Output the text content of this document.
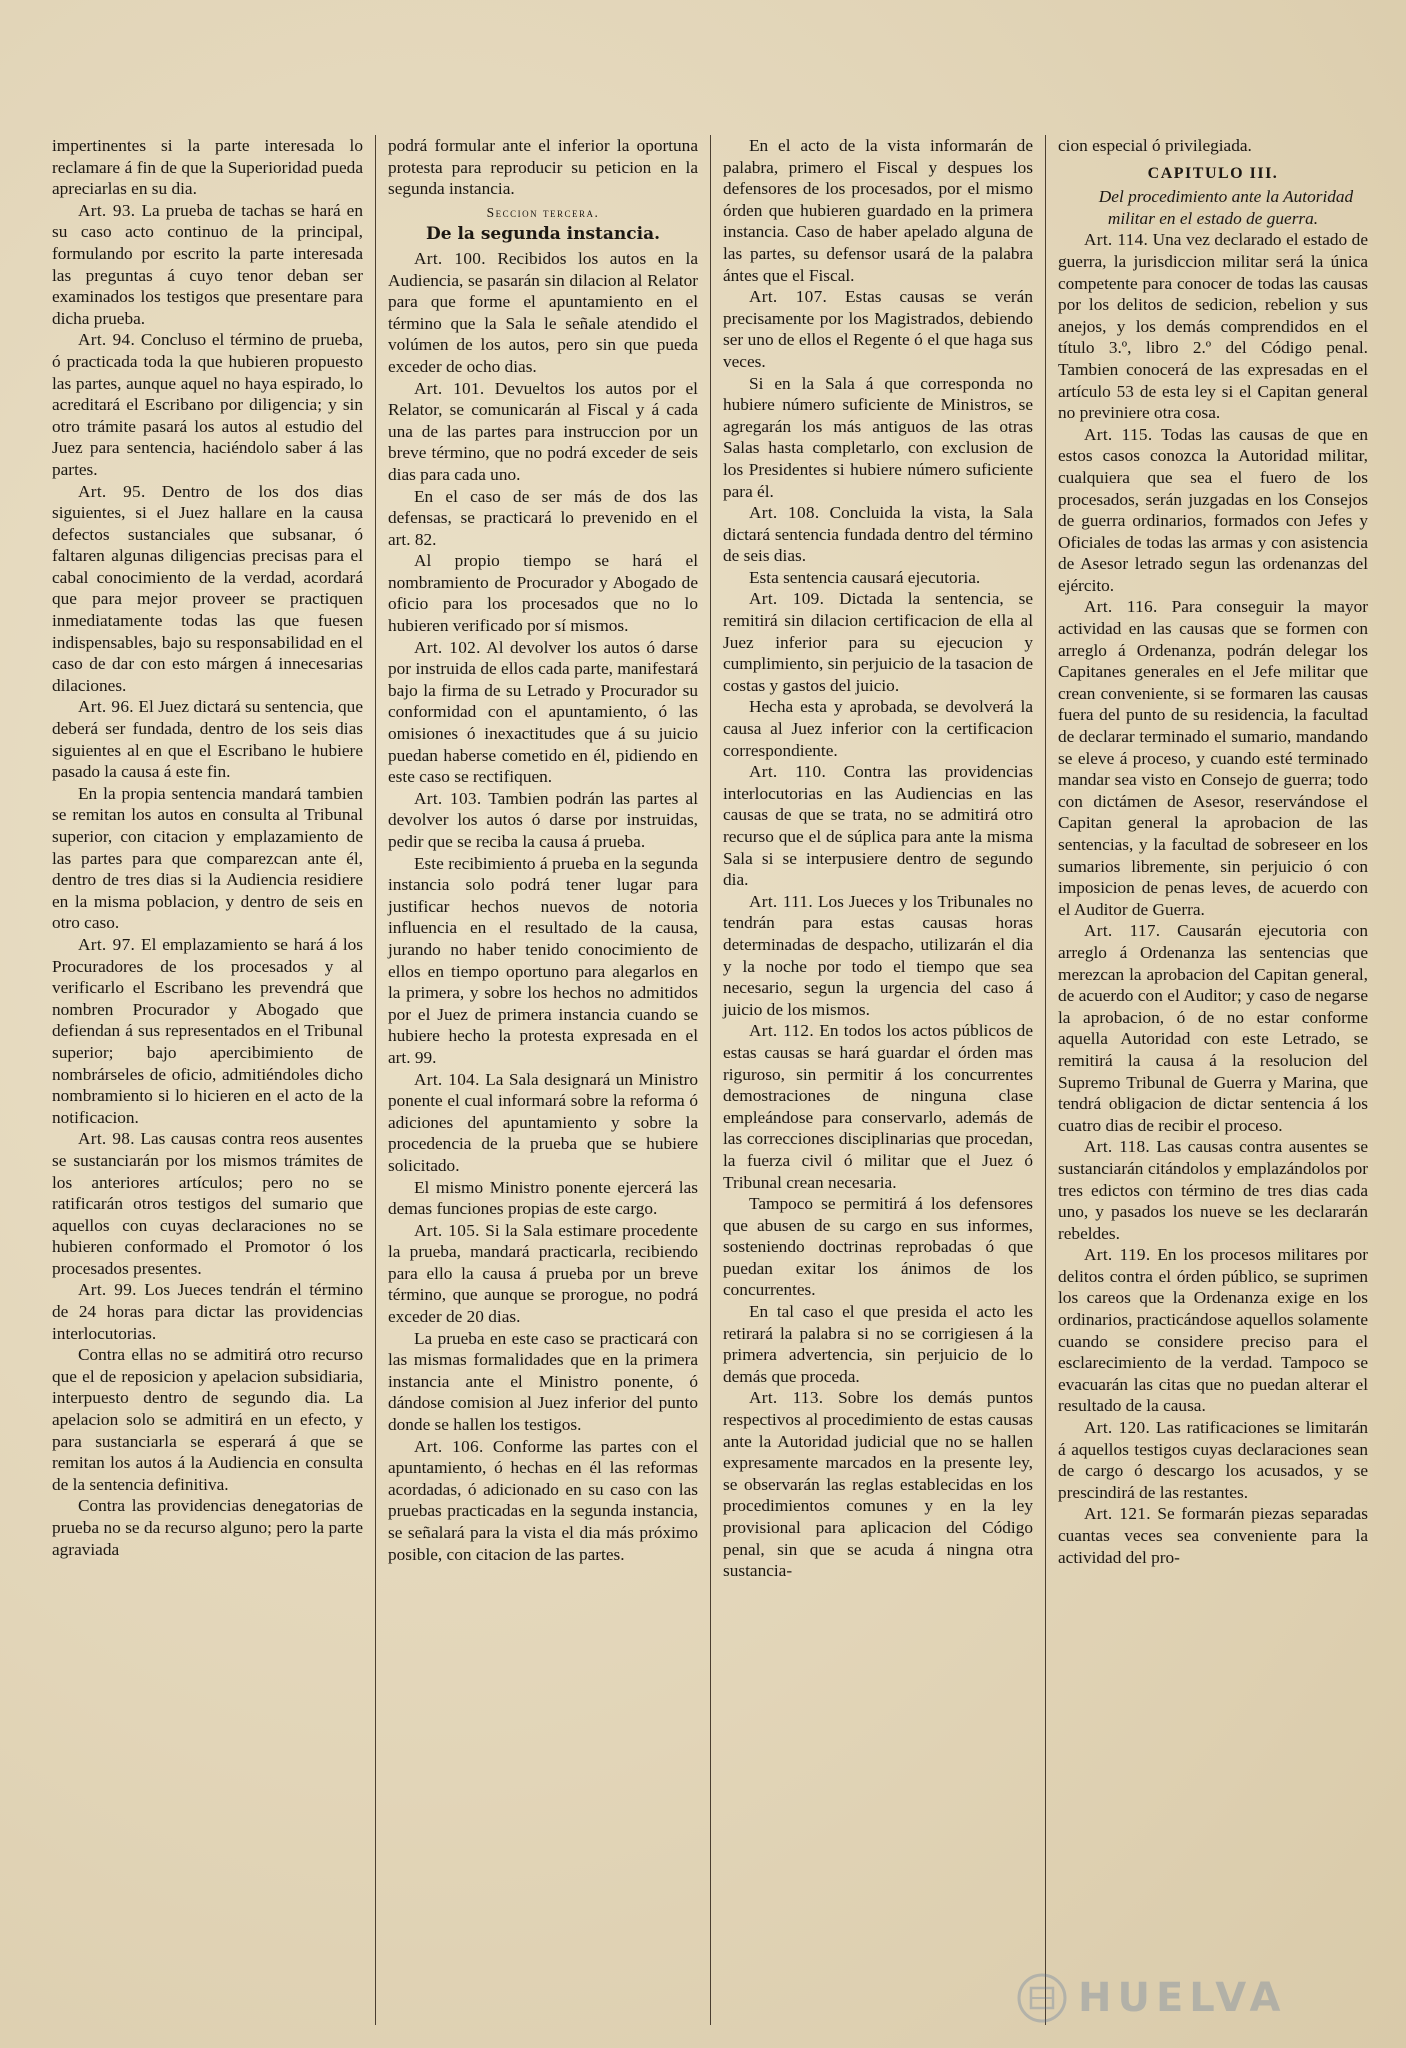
impertinentes si la parte interesada lo reclamare á fin de que la Superioridad pueda apreciarlas en su dia.

Art. 93. La prueba de tachas se hará en su caso acto continuo de la principal, formulando por escrito la parte interesada las preguntas á cuyo tenor deban ser examinados los testigos que presentare para dicha prueba.

Art. 94. Concluso el término de prueba, ó practicada toda la que hubieren propuesto las partes, aunque aquel no haya espirado, lo acreditará el Escribano por diligencia; y sin otro trámite pasará los autos al estudio del Juez para sentencia, haciéndolo saber á las partes.

Art. 95. Dentro de los dos dias siguientes, si el Juez hallare en la causa defectos sustanciales que subsanar, ó faltaren algunas diligencias precisas para el cabal conocimiento de la verdad, acordará que para mejor proveer se practiquen inmediatamente todas las que fuesen indispensables, bajo su responsabilidad en el caso de dar con esto márgen á innecesarias dilaciones.

Art. 96. El Juez dictará su sentencia, que deberá ser fundada, dentro de los seis dias siguientes al en que el Escribano le hubiere pasado la causa á este fin.

En la propia sentencia mandará tambien se remitan los autos en consulta al Tribunal superior, con citacion y emplazamiento de las partes para que comparezcan ante él, dentro de tres dias si la Audiencia residiere en la misma poblacion, y dentro de seis en otro caso.

Art. 97. El emplazamiento se hará á los Procuradores de los procesados y al verificarlo el Escribano les prevendrá que nombren Procurador y Abogado que defiendan á sus representados en el Tribunal superior; bajo apercibimiento de nombrárseles de oficio, admitiéndoles dicho nombramiento si lo hicieren en el acto de la notificacion.

Art. 98. Las causas contra reos ausentes se sustanciarán por los mismos trámites de los anteriores artículos; pero no se ratificarán otros testigos del sumario que aquellos con cuyas declaraciones no se hubieren conformado el Promotor ó los procesados presentes.

Art. 99. Los Jueces tendrán el término de 24 horas para dictar las providencias interlocutorias.

Contra ellas no se admitirá otro recurso que el de reposicion y apelacion subsidiaria, interpuesto dentro de segundo dia. La apelacion solo se admitirá en un efecto, y para sustanciarla se esperará á que se remitan los autos á la Audiencia en consulta de la sentencia definitiva.

Contra las providencias denegatorias de prueba no se da recurso alguno; pero la parte agraviada

podrá formular ante el inferior la oportuna protesta para reproducir su peticion en la segunda instancia.

Seccion tercera.
De la segunda instancia.

Art. 100. Recibidos los autos en la Audiencia, se pasarán sin dilacion al Relator para que forme el apuntamiento en el término que la Sala le señale atendido el volúmen de los autos, pero sin que pueda exceder de ocho dias.

Art. 101. Devueltos los autos por el Relator, se comunicarán al Fiscal y á cada una de las partes para instruccion por un breve término, que no podrá exceder de seis dias para cada uno.

En el caso de ser más de dos las defensas, se practicará lo prevenido en el art. 82.

Al propio tiempo se hará el nombramiento de Procurador y Abogado de oficio para los procesados que no lo hubieren verificado por sí mismos.

Art. 102. Al devolver los autos ó darse por instruida de ellos cada parte, manifestará bajo la firma de su Letrado y Procurador su conformidad con el apuntamiento, ó las omisiones ó inexactitudes que á su juicio puedan haberse cometido en él, pidiendo en este caso se rectifiquen.

Art. 103. Tambien podrán las partes al devolver los autos ó darse por instruidas, pedir que se reciba la causa á prueba.

Este recibimiento á prueba en la segunda instancia solo podrá tener lugar para justificar hechos nuevos de notoria influencia en el resultado de la causa, jurando no haber tenido conocimiento de ellos en tiempo oportuno para alegarlos en la primera, y sobre los hechos no admitidos por el Juez de primera instancia cuando se hubiere hecho la protesta expresada en el art. 99.

Art. 104. La Sala designará un Ministro ponente el cual informará sobre la reforma ó adiciones del apuntamiento y sobre la procedencia de la prueba que se hubiere solicitado.

El mismo Ministro ponente ejercerá las demas funciones propias de este cargo.

Art. 105. Si la Sala estimare procedente la prueba, mandará practicarla, recibiendo para ello la causa á prueba por un breve término, que aunque se prorogue, no podrá exceder de 20 dias.

La prueba en este caso se practicará con las mismas formalidades que en la primera instancia ante el Ministro ponente, ó dándose comision al Juez inferior del punto donde se hallen los testigos.

Art. 106. Conforme las partes con el apuntamiento, ó hechas en él las reformas acordadas, ó adicionado en su caso con las pruebas practicadas en la segunda instancia, se señalará para la vista el dia más próximo posible, con citacion de las partes.

En el acto de la vista informarán de palabra, primero el Fiscal y despues los defensores de los procesados, por el mismo órden que hubieren guardado en la primera instancia. Caso de haber apelado alguna de las partes, su defensor usará de la palabra ántes que el Fiscal.

Art. 107. Estas causas se verán precisamente por los Magistrados, debiendo ser uno de ellos el Regente ó el que haga sus veces.

Si en la Sala á que corresponda no hubiere número suficiente de Ministros, se agregarán los más antiguos de las otras Salas hasta completarlo, con exclusion de los Presidentes si hubiere número suficiente para él.

Art. 108. Concluida la vista, la Sala dictará sentencia fundada dentro del término de seis dias.

Esta sentencia causará ejecutoria.

Art. 109. Dictada la sentencia, se remitirá sin dilacion certificacion de ella al Juez inferior para su ejecucion y cumplimiento, sin perjuicio de la tasacion de costas y gastos del juicio.

Hecha esta y aprobada, se devolverá la causa al Juez inferior con la certificacion correspondiente.

Art. 110. Contra las providencias interlocutorias en las Audiencias en las causas de que se trata, no se admitirá otro recurso que el de súplica para ante la misma Sala si se interpusiere dentro de segundo dia.

Art. 111. Los Jueces y los Tribunales no tendrán para estas causas horas determinadas de despacho, utilizarán el dia y la noche por todo el tiempo que sea necesario, segun la urgencia del caso á juicio de los mismos.

Art. 112. En todos los actos públicos de estas causas se hará guardar el órden mas riguroso, sin permitir á los concurrentes demostraciones de ninguna clase empleándose para conservarlo, además de las correcciones disciplinarias que procedan, la fuerza civil ó militar que el Juez ó Tribunal crean necesaria.

Tampoco se permitirá á los defensores que abusen de su cargo en sus informes, sosteniendo doctrinas reprobadas ó que puedan exitar los ánimos de los concurrentes.

En tal caso el que presida el acto les retirará la palabra si no se corrigiesen á la primera advertencia, sin perjuicio de lo demás que proceda.

Art. 113. Sobre los demás puntos respectivos al procedimiento de estas causas ante la Autoridad judicial que no se hallen expresamente marcados en la presente ley, se observarán las reglas establecidas en los procedimientos comunes y en la ley provisional para aplicacion del Código penal, sin que se acuda á ningna otra sustancia-

cion especial ó privilegiada.

CAPITULO III.

Del procedimiento ante la Autoridad militar en el estado de guerra.

Art. 114. Una vez declarado el estado de guerra, la jurisdiccion militar será la única competente para conocer de todas las causas por los delitos de sedicion, rebelion y sus anejos, y los demás comprendidos en el título 3.º, libro 2.º del Código penal. Tambien conocerá de las expresadas en el artículo 53 de esta ley si el Capitan general no previniere otra cosa.

Art. 115. Todas las causas de que en estos casos conozca la Autoridad militar, cualquiera que sea el fuero de los procesados, serán juzgadas en los Consejos de guerra ordinarios, formados con Jefes y Oficiales de todas las armas y con asistencia de Asesor letrado segun las ordenanzas del ejército.

Art. 116. Para conseguir la mayor actividad en las causas que se formen con arreglo á Ordenanza, podrán delegar los Capitanes generales en el Jefe militar que crean conveniente, si se formaren las causas fuera del punto de su residencia, la facultad de declarar terminado el sumario, mandando se eleve á proceso, y cuando esté terminado mandar sea visto en Consejo de guerra; todo con dictámen de Asesor, reservándose el Capitan general la aprobacion de las sentencias, y la facultad de sobreseer en los sumarios libremente, sin perjuicio ó con imposicion de penas leves, de acuerdo con el Auditor de Guerra.

Art. 117. Causarán ejecutoria con arreglo á Ordenanza las sentencias que merezcan la aprobacion del Capitan general, de acuerdo con el Auditor; y caso de negarse la aprobacion, ó de no estar conforme aquella Autoridad con este Letrado, se remitirá la causa á la resolucion del Supremo Tribunal de Guerra y Marina, que tendrá obligacion de dictar sentencia á los cuatro dias de recibir el proceso.

Art. 118. Las causas contra ausentes se sustanciarán citándolos y emplazándolos por tres edictos con término de tres dias cada uno, y pasados los nueve se les declararán rebeldes.

Art. 119. En los procesos militares por delitos contra el órden público, se suprimen los careos que la Ordenanza exige en los ordinarios, practicándose aquellos solamente cuando se considere preciso para el esclarecimiento de la verdad. Tampoco se evacuarán las citas que no puedan alterar el resultado de la causa.

Art. 120. Las ratificaciones se limitarán á aquellos testigos cuyas declaraciones sean de cargo ó descargo los acusados, y se prescindirá de las restantes.

Art. 121. Se formarán piezas separadas cuantas veces sea conveniente para la actividad del pro-

HUELVA
